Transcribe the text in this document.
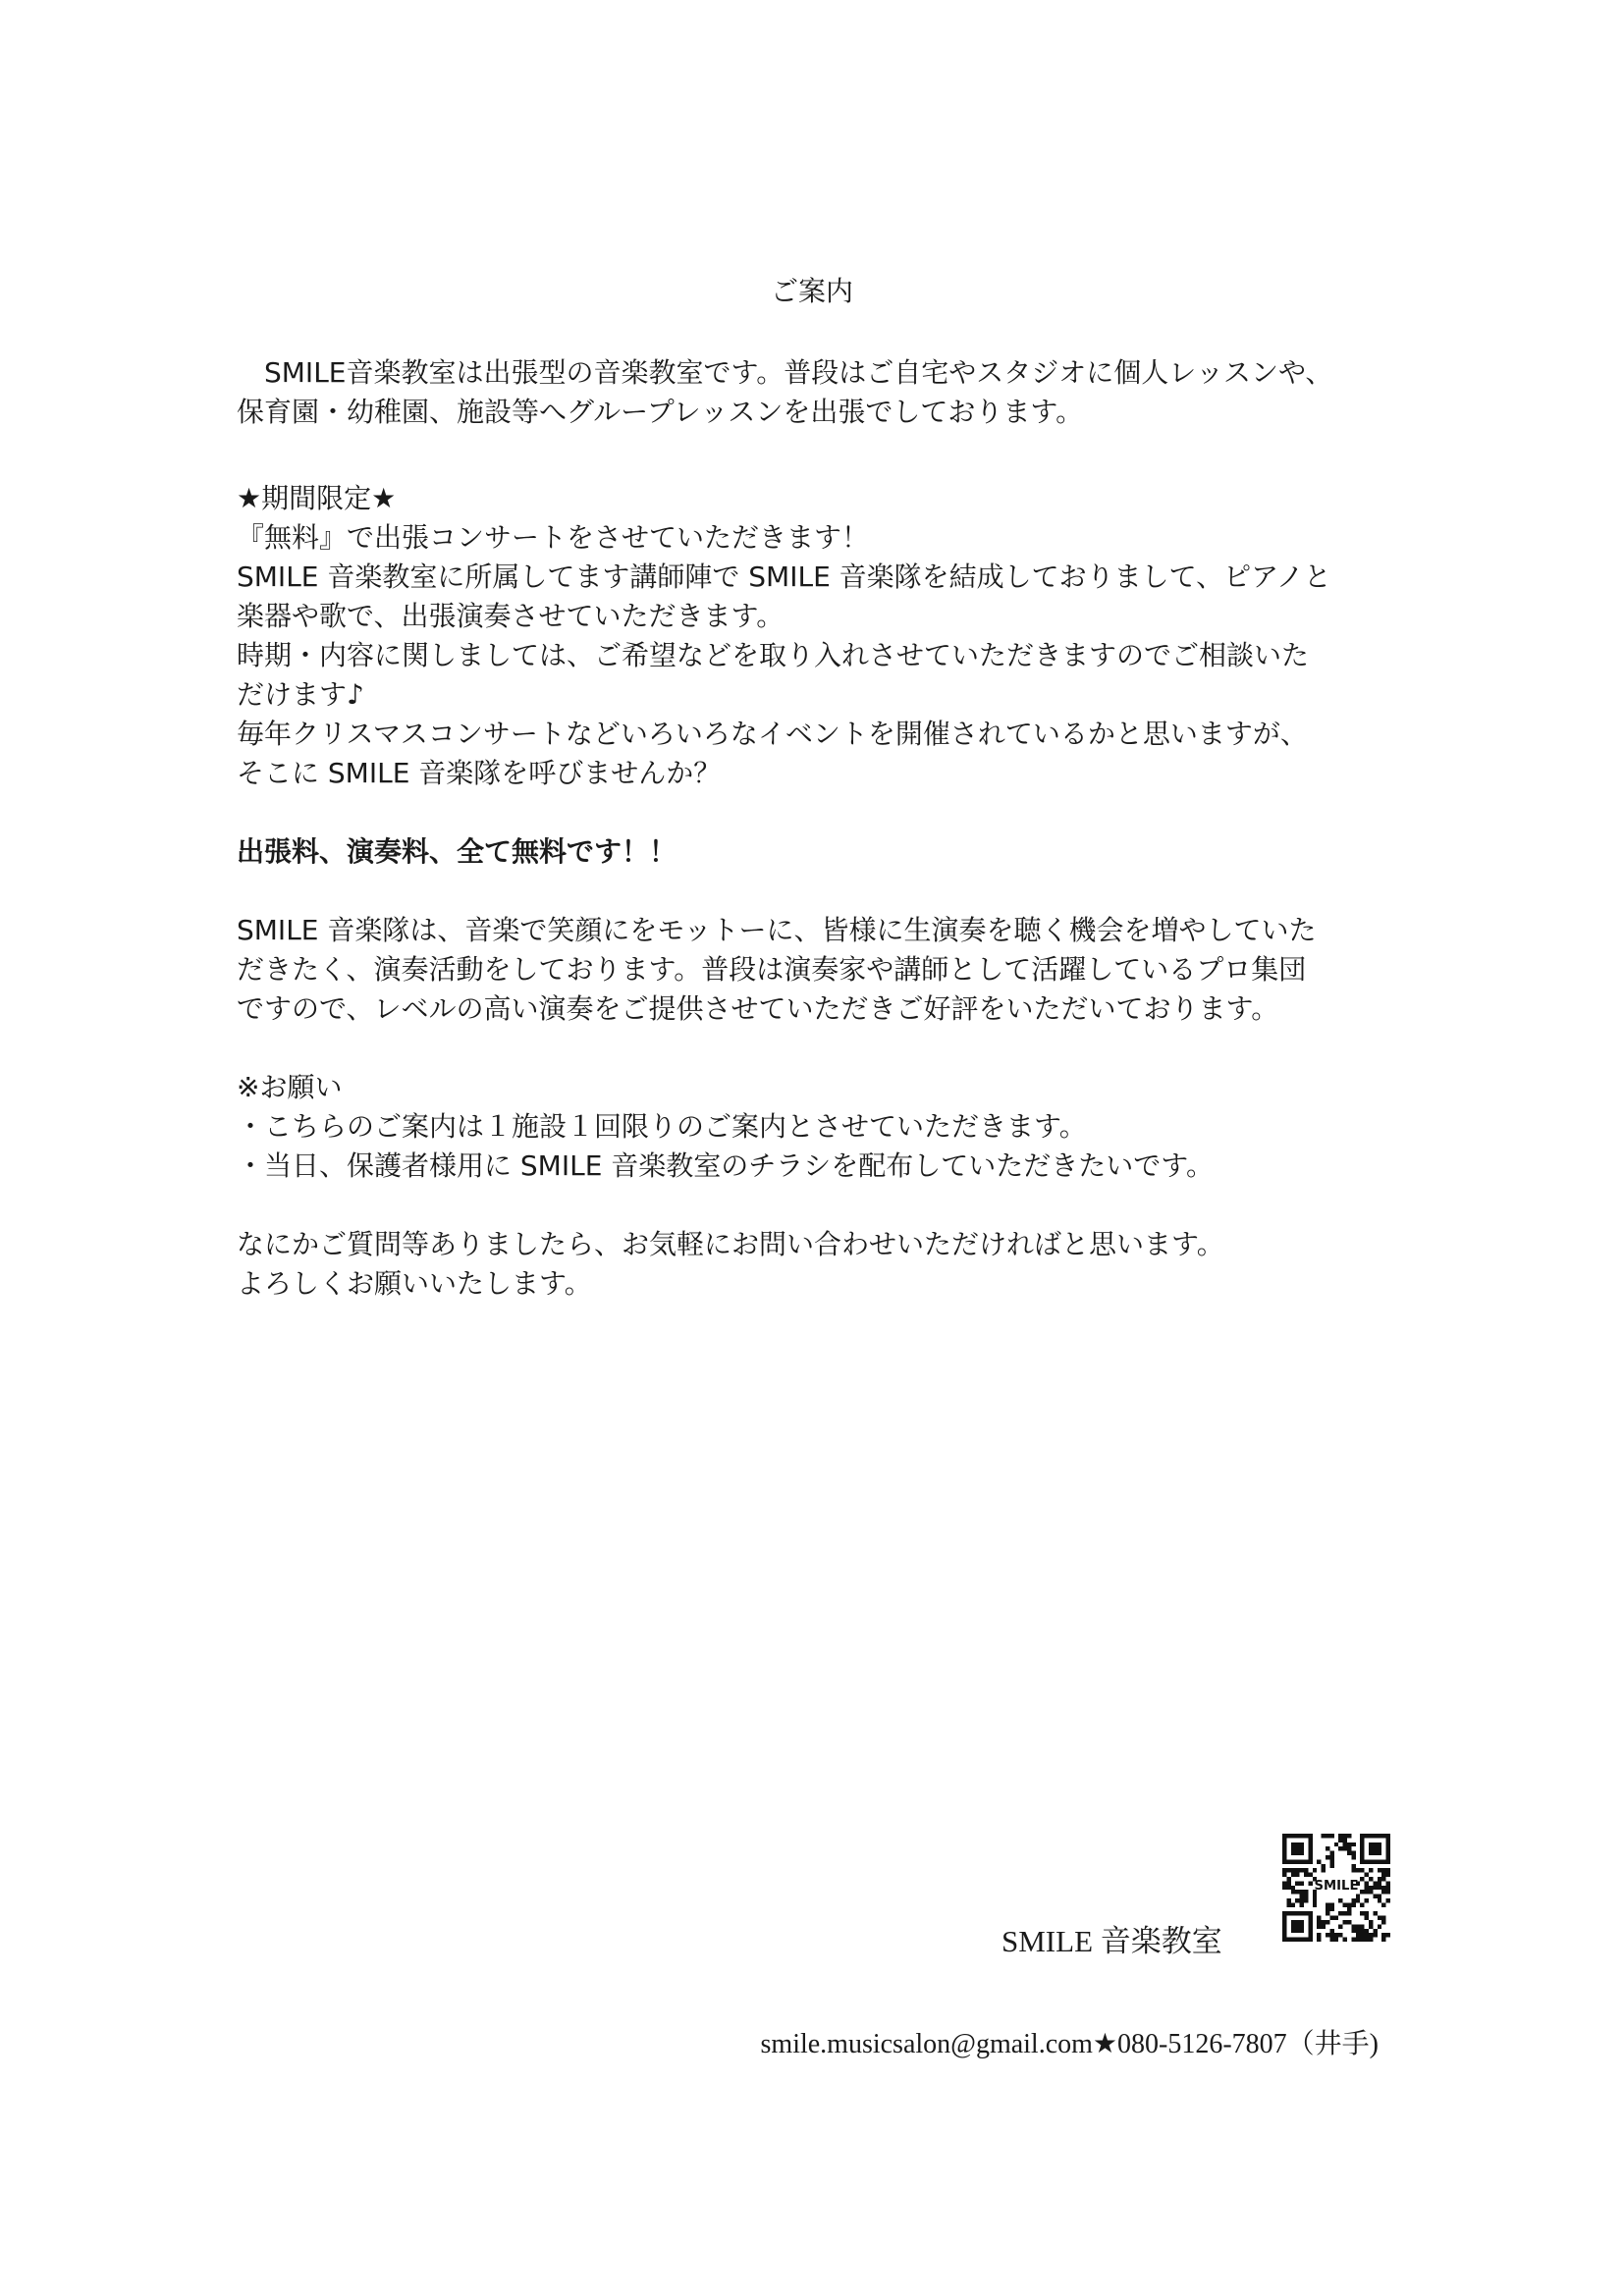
ご案内
　SMILE音楽教室は出張型の音楽教室です。普段はご自宅やスタジオに個人レッスンや、
保育園・幼稚園、施設等へグループレッスンを出張でしております。
★期間限定★
『無料』で出張コンサートをさせていただきます！
SMILE 音楽教室に所属してます講師陣で SMILE 音楽隊を結成しておりまして、ピアノと
楽器や歌で、出張演奏させていただきます。
時期・内容に関しましては、ご希望などを取り入れさせていただきますのでご相談いた
だけます♪
毎年クリスマスコンサートなどいろいろなイベントを開催されているかと思いますが、
そこに SMILE 音楽隊を呼びませんか？
出張料、演奏料、全て無料です！！
SMILE 音楽隊は、音楽で笑顔にをモットーに、皆様に生演奏を聴く機会を増やしていた
だきたく、演奏活動をしております。普段は演奏家や講師として活躍しているプロ集団
ですので、レベルの高い演奏をご提供させていただきご好評をいただいております。
※お願い
・こちらのご案内は１施設１回限りのご案内とさせていただきます。
・当日、保護者様用に SMILE 音楽教室のチラシを配布していただきたいです。
なにかご質問等ありましたら、お気軽にお問い合わせいただければと思います。
よろしくお願いいたします。
SMILE
SMILE 音楽教室
smile.musicsalon@gmail.com★080-5126-7807（井手)
